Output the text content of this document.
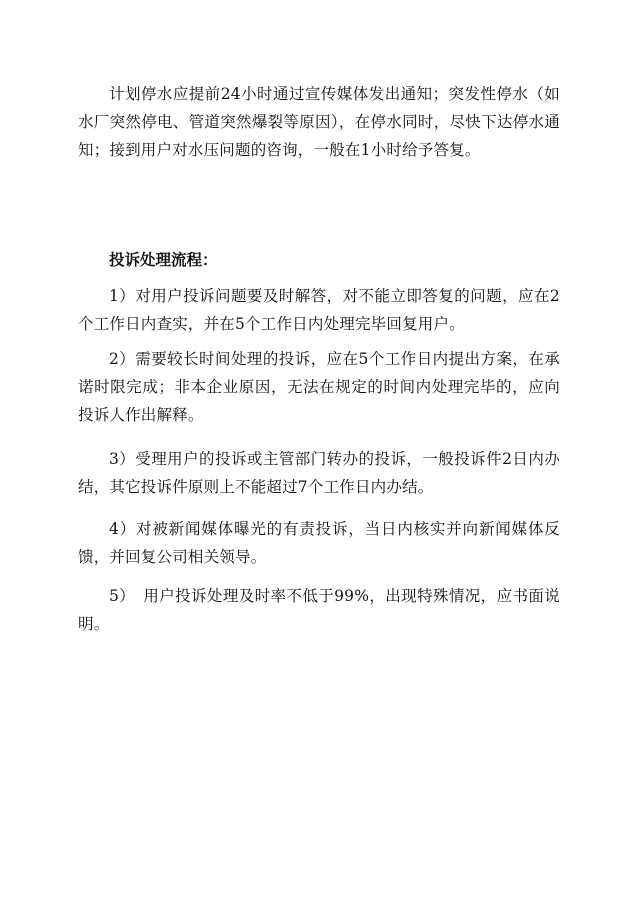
计划停水应提前24小时通过宣传媒体发出通知；突发性停水（如水厂突然停电、管道突然爆裂等原因），在停水同时，尽快下达停水通知；接到用户对水压问题的咨询，一般在1小时给予答复。

投诉处理流程：

1）对用户投诉问题要及时解答，对不能立即答复的问题，应在2个工作日内查实，并在5个工作日内处理完毕回复用户。

2）需要较长时间处理的投诉，应在5个工作日内提出方案，在承诺时限完成；非本企业原因，无法在规定的时间内处理完毕的，应向投诉人作出解释。

3）受理用户的投诉或主管部门转办的投诉，一般投诉件2日内办结，其它投诉件原则上不能超过7个工作日内办结。

4）对被新闻媒体曝光的有责投诉，当日内核实并向新闻媒体反馈，并回复公司相关领导。

5）　用户投诉处理及时率不低于99%，出现特殊情况，应书面说明。
